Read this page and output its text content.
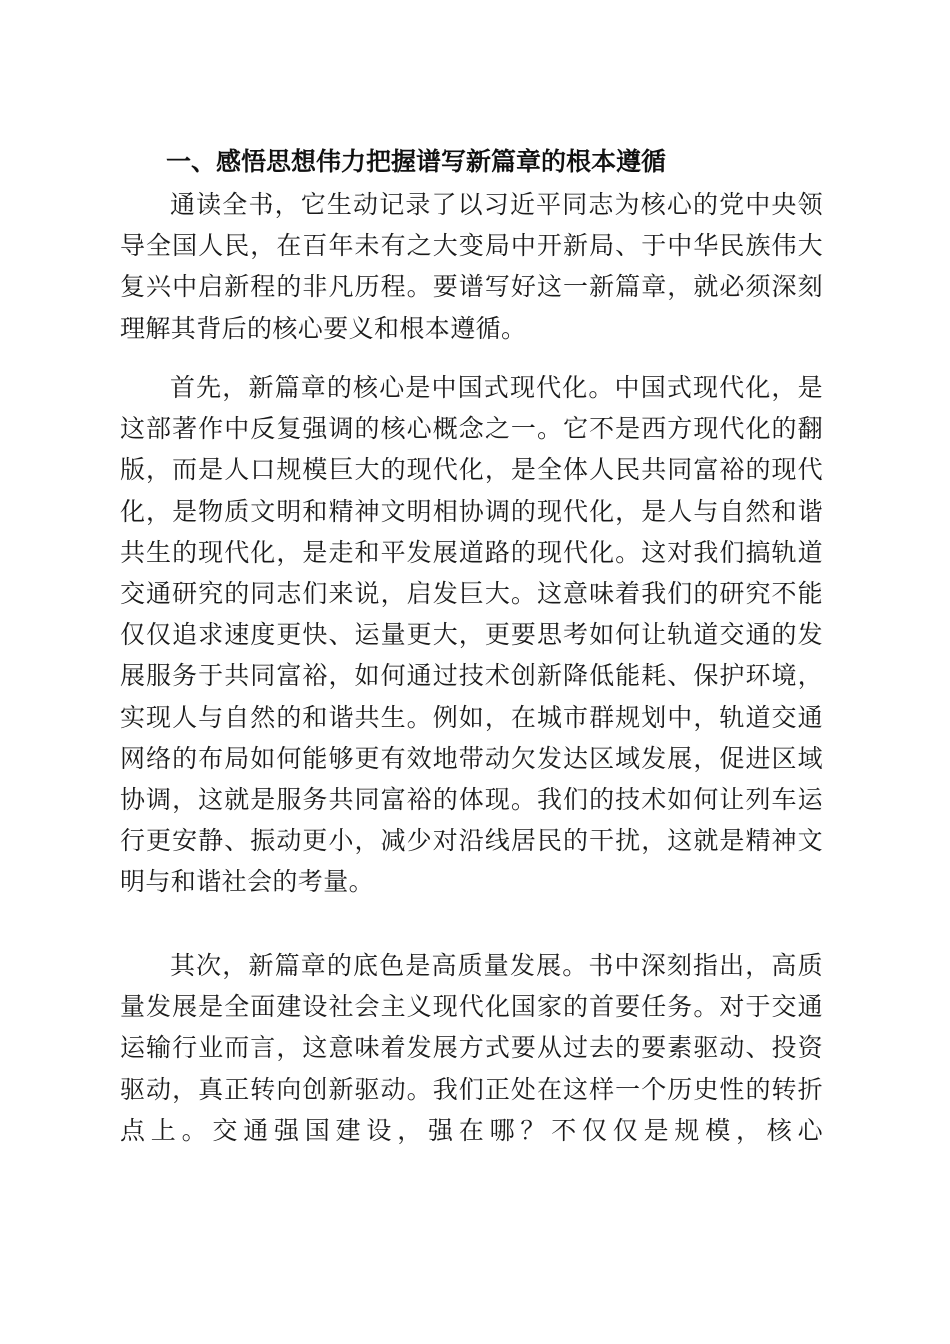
一、感悟思想伟力把握谱写新篇章的根本遵循
通读全书，它生动记录了以习近平同志为核心的党中央领
导全国人民，在百年未有之大变局中开新局、于中华民族伟大
复兴中启新程的非凡历程。要谱写好这一新篇章，就必须深刻
理解其背后的核心要义和根本遵循。
首先，新篇章的核心是中国式现代化。中国式现代化，是
这部著作中反复强调的核心概念之一。它不是西方现代化的翻
版，而是人口规模巨大的现代化，是全体人民共同富裕的现代
化，是物质文明和精神文明相协调的现代化，是人与自然和谐
共生的现代化，是走和平发展道路的现代化。这对我们搞轨道
交通研究的同志们来说，启发巨大。这意味着我们的研究不能
仅仅追求速度更快、运量更大，更要思考如何让轨道交通的发
展服务于共同富裕，如何通过技术创新降低能耗、保护环境，
实现人与自然的和谐共生。例如，在城市群规划中，轨道交通
网络的布局如何能够更有效地带动欠发达区域发展，促进区域
协调，这就是服务共同富裕的体现。我们的技术如何让列车运
行更安静、振动更小，减少对沿线居民的干扰，这就是精神文
明与和谐社会的考量。
其次，新篇章的底色是高质量发展。书中深刻指出，高质
量发展是全面建设社会主义现代化国家的首要任务。对于交通
运输行业而言，这意味着发展方式要从过去的要素驱动、投资
驱动，真正转向创新驱动。我们正处在这样一个历史性的转折
点上。交通强国建设，强在哪？不仅仅是规模，核心
